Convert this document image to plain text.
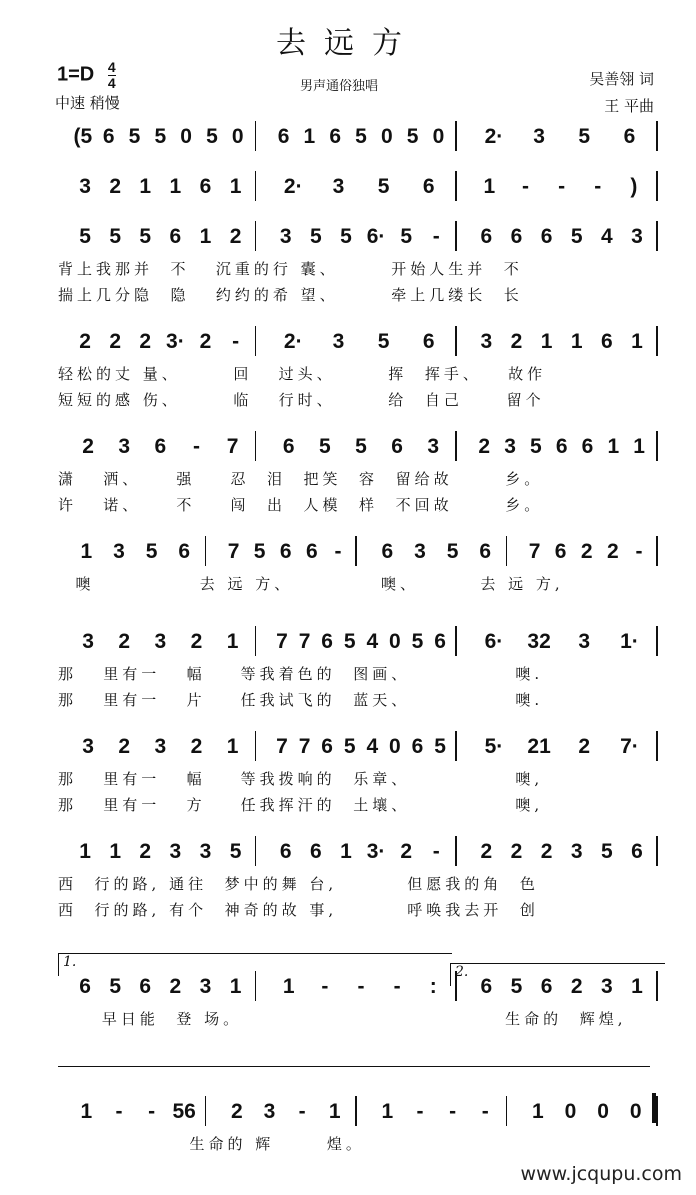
去远方
$1=D \frac{4}{4}$
中速 稍慢
男声通俗独唱	吴善翎 词
王 平曲
(5 6 5 5 0 5 0 6 1 6 5 0 5 0 2· 3 5 6
3 2 1 1 6 1 2· 3 5 6 1 - - - )
5 5 5 6 1 2 3 5 5 6· 5 - 6 6 6 5 4 3
背上我那并  不   沉重的行 囊、      开始人生并  不
揣上几分隐  隐   约约的希 望、      牵上几缕长  长
2 2 2 3· 2 - 2· 3 5 6 3 2 1 1 6 1
轻松的丈 量、      回   过头、      挥  挥手、   故作
短短的感 伤、      临   行时、      给  自己     留个
2 3 6 - 7 6 5 5 6 3 2 3 5 6 6 1 1
潇   洒、    强    忍  泪  把笑  容  留给故      乡。
许   诺、    不    闯  出  人模  样  不回故      乡。
1 3 5 6 7 5 6 6 - 6 3 5 6 7 6 2 2 -
噢            去 远 方、          噢、       去 远 方,
3 2 3 2 1 7 7 6 5 4 0 5 6 6· 32 3 1·
那   里有一   幅    等我着色的  图画、            噢.
那   里有一   片    任我试飞的  蓝天、            噢.
3 2 3 2 1 7 7 6 5 4 0 6 5 5· 21 2 7·
那   里有一   幅    等我拨响的  乐章、            噢,
那   里有一   方    任我挥汗的  土壤、            噢,
1 1 2 3 3 5 6 6 1 3· 2 - 2 2 2 3 5 6
西  行的路, 通往  梦中的舞 台,        但愿我的角  色
西  行的路, 有个  神奇的故 事,        呼唤我去开  创
6 5 6 2 3 1 1 - - - : 6 5 6 2 3 1
早日能  登 场。                              生命的  辉煌,
1 - - 56 2 3 - 1 1 - - - 1 0 0 0
生命的 辉      煌。
1.
2.
www.jcqupu.com
